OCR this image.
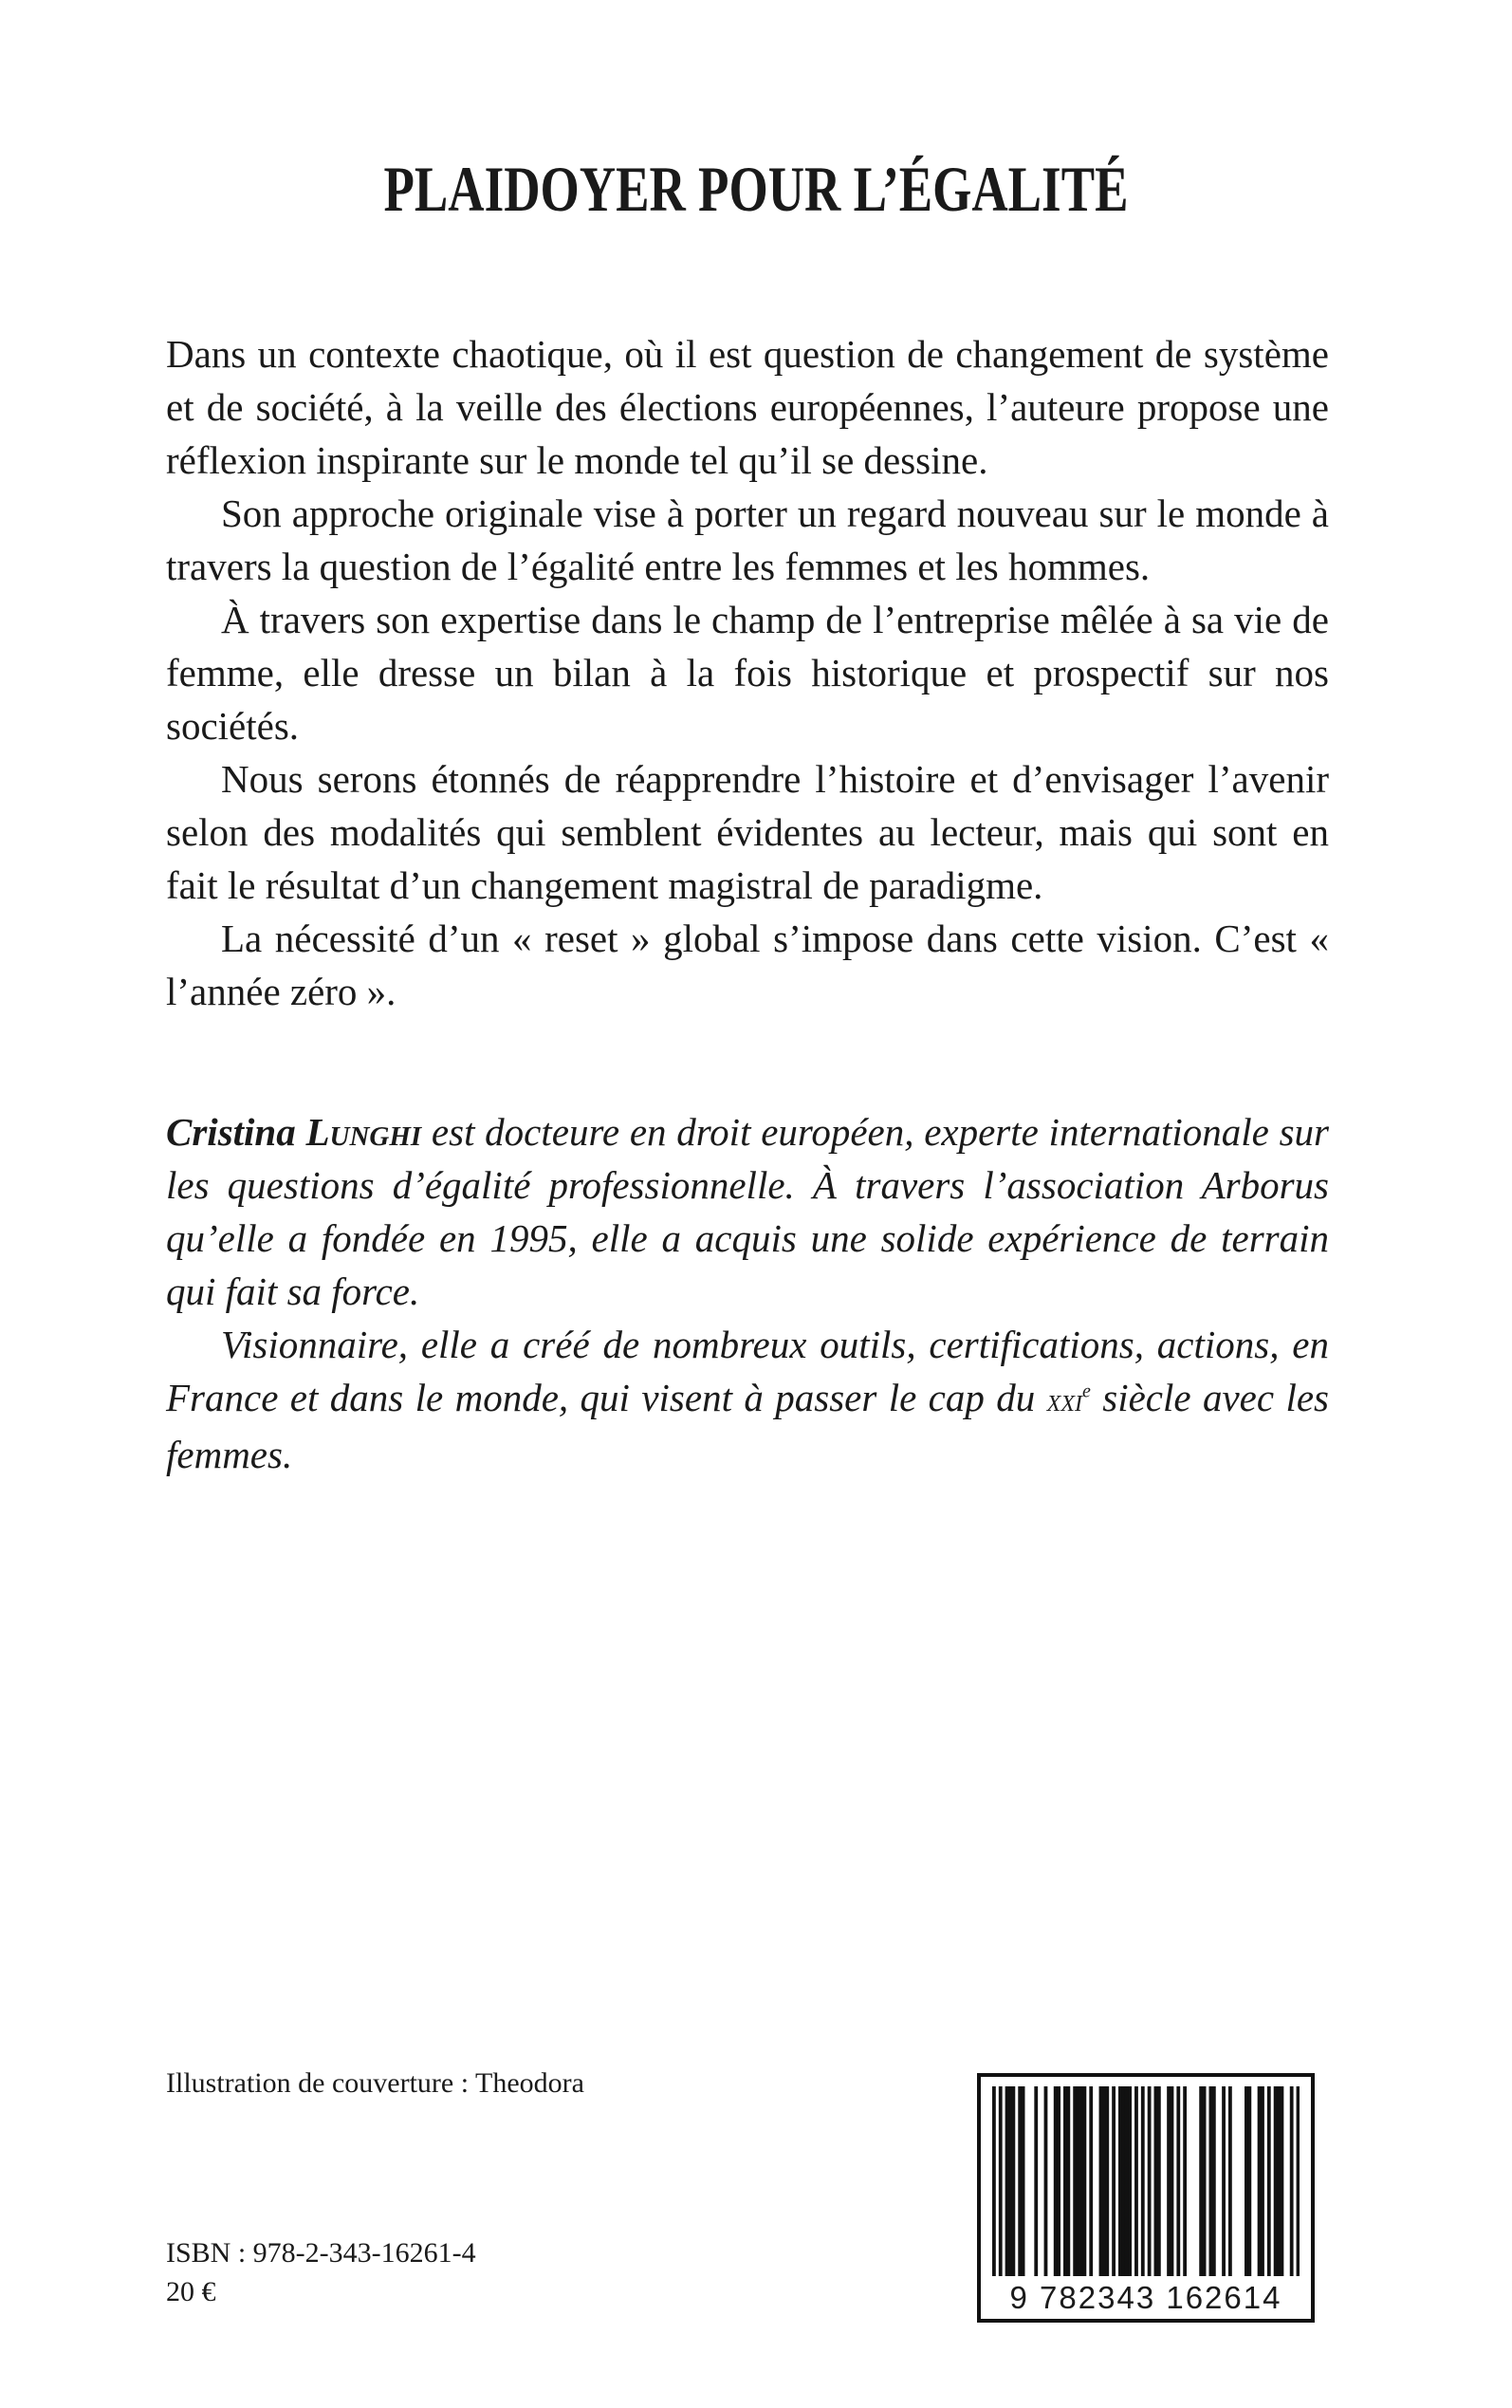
PLAIDOYER POUR L’ÉGALITÉ

Dans un contexte chaotique, où il est question de changement de système et de société, à la veille des élections européennes, l’auteure propose une réflexion inspirante sur le monde tel qu’il se dessine.

Son approche originale vise à porter un regard nouveau sur le monde à travers la question de l’égalité entre les femmes et les hommes.

À travers son expertise dans le champ de l’entreprise mêlée à sa vie de femme, elle dresse un bilan à la fois historique et prospectif sur nos sociétés.

Nous serons étonnés de réapprendre l’histoire et d’envisager l’avenir selon des modalités qui semblent évidentes au lecteur, mais qui sont en fait le résultat d’un changement magistral de paradigme.

La nécessité d’un « reset » global s’impose dans cette vision. C’est « l’année zéro ».

Cristina Lunghi est docteure en droit européen, experte internationale sur les questions d’égalité professionnelle. À travers l’association Arborus qu’elle a fondée en 1995, elle a acquis une solide expérience de terrain qui fait sa force.

Visionnaire, elle a créé de nombreux outils, certifications, actions, en France et dans le monde, qui visent à passer le cap du xxi$^e$ siècle avec les femmes.

Illustration de couverture : Theodora

ISBN : 978-2-343-16261-4

20 €	9 782343 162614
